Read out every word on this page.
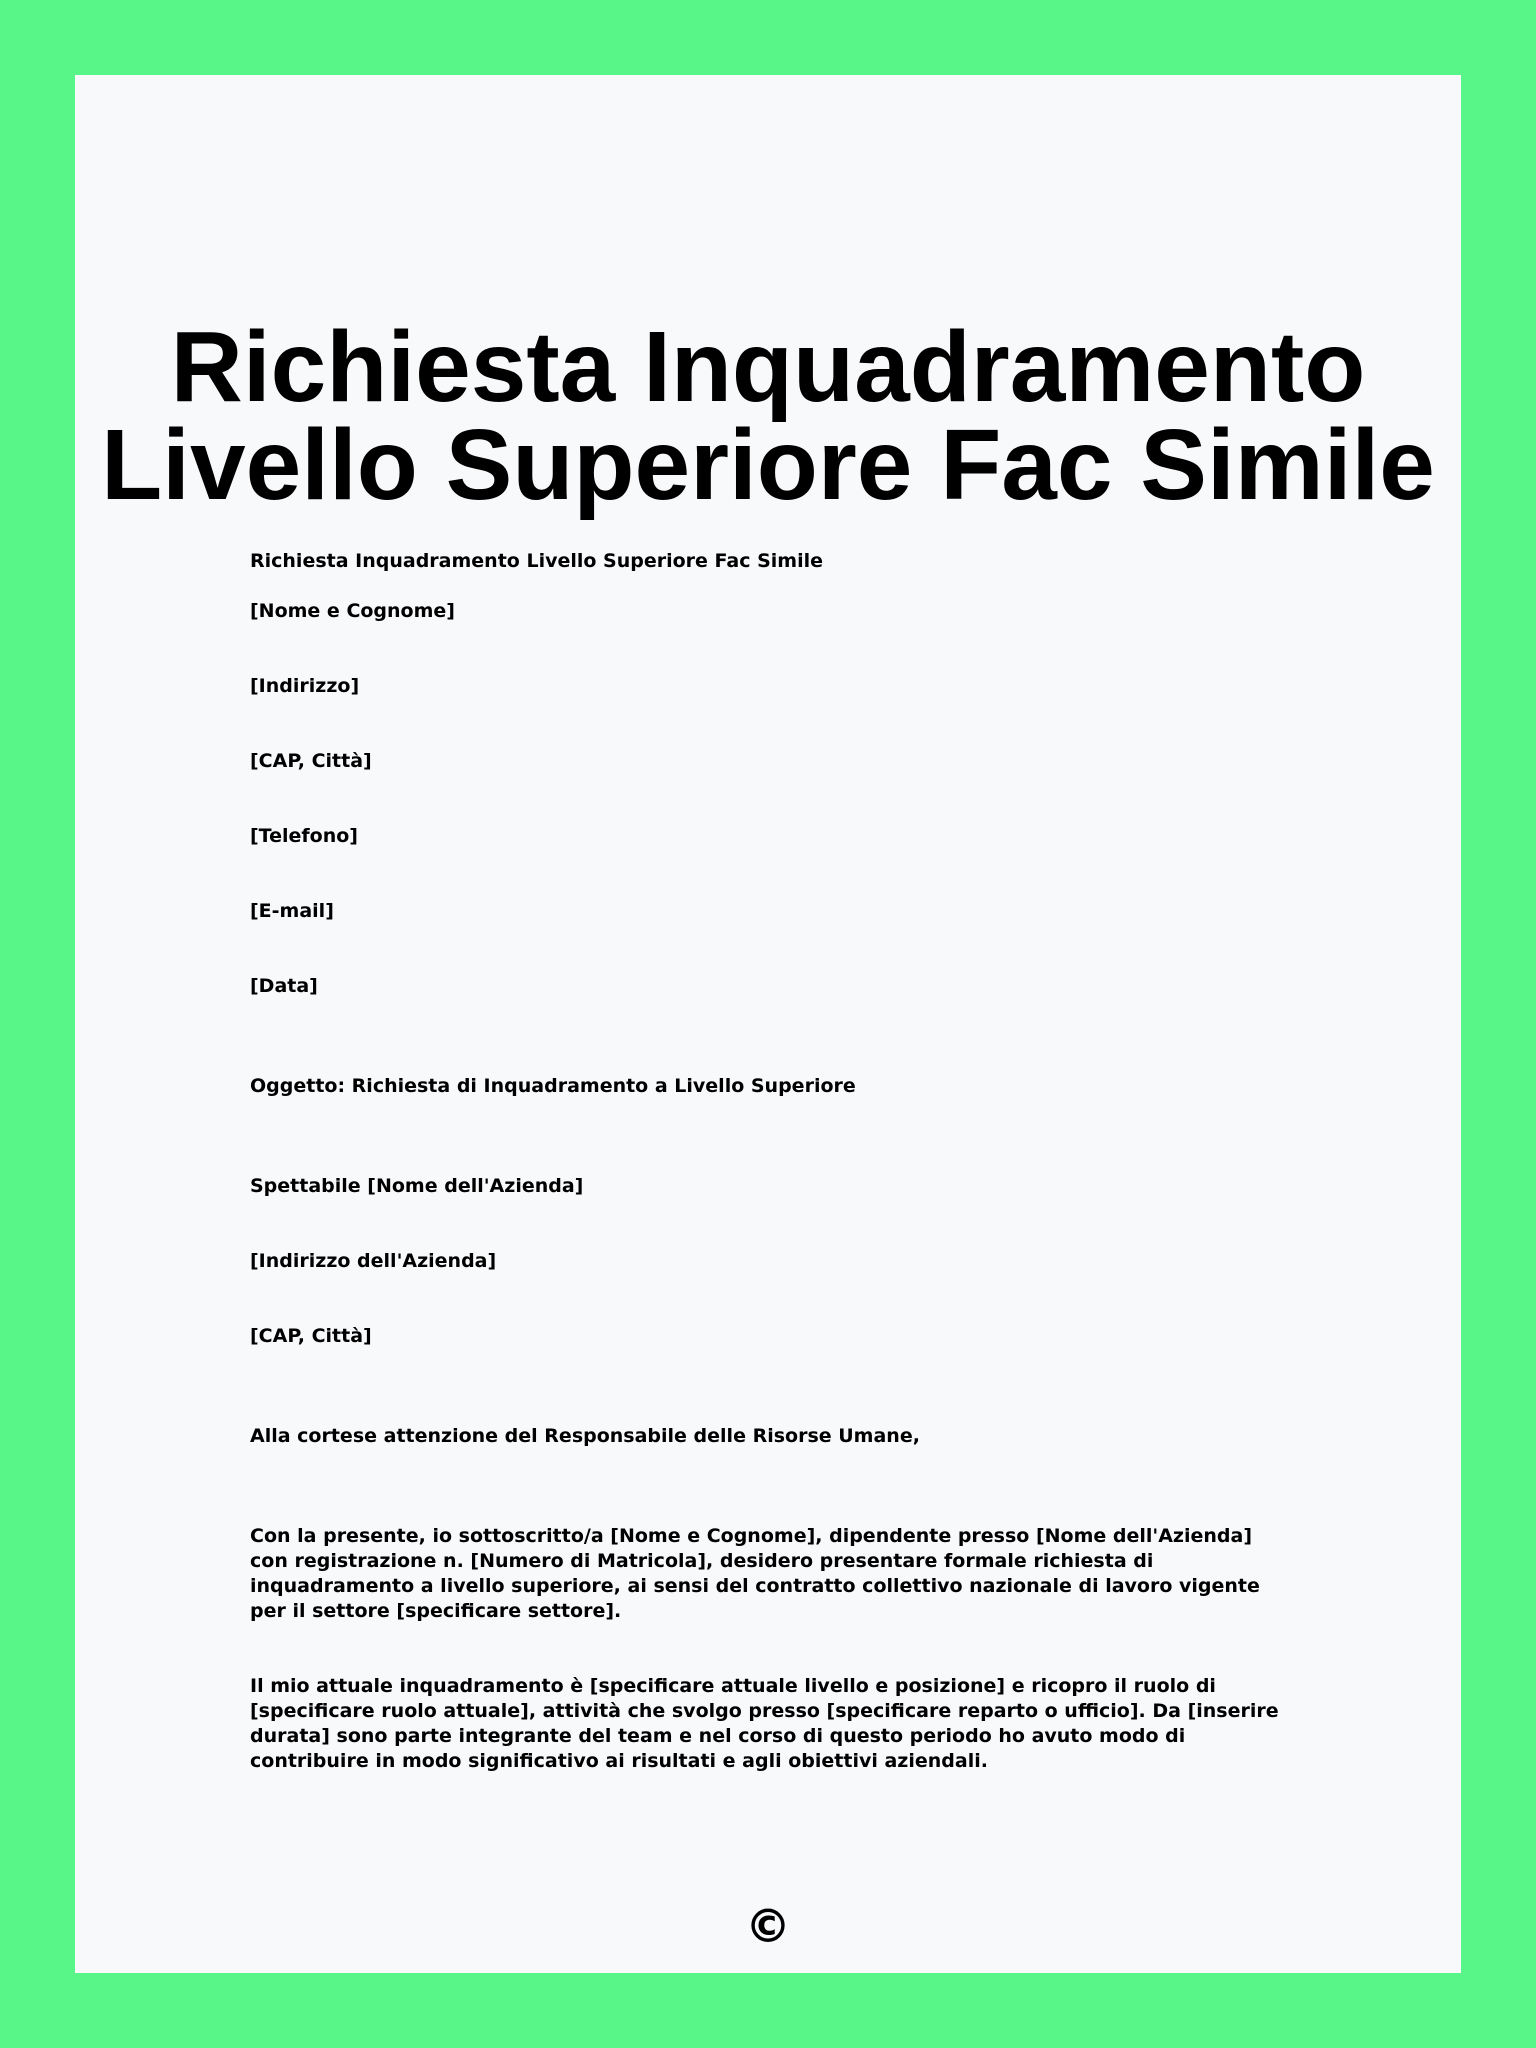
Richiesta Inquadramento Livello Superiore Fac Simile
Richiesta Inquadramento Livello Superiore Fac Simile
[Nome e Cognome]
[Indirizzo]
[CAP, Città]
[Telefono]
[E-mail]
[Data]
Oggetto: Richiesta di Inquadramento a Livello Superiore
Spettabile [Nome dell'Azienda]
[Indirizzo dell'Azienda]
[CAP, Città]
Alla cortese attenzione del Responsabile delle Risorse Umane,

Con la presente, io sottoscritto/a [Nome e Cognome], dipendente presso [Nome dell'Azienda] con registrazione n. [Numero di Matricola], desidero presentare formale richiesta di inquadramento a livello superiore, ai sensi del contratto collettivo nazionale di lavoro vigente per il settore [specificare settore].

Il mio attuale inquadramento è [specificare attuale livello e posizione] e ricopro il ruolo di [specificare ruolo attuale], attività che svolgo presso [specificare reparto o ufficio]. Da [inserire durata] sono parte integrante del team e nel corso di questo periodo ho avuto modo di contribuire in modo significativo ai risultati e agli obiettivi aziendali.

©
